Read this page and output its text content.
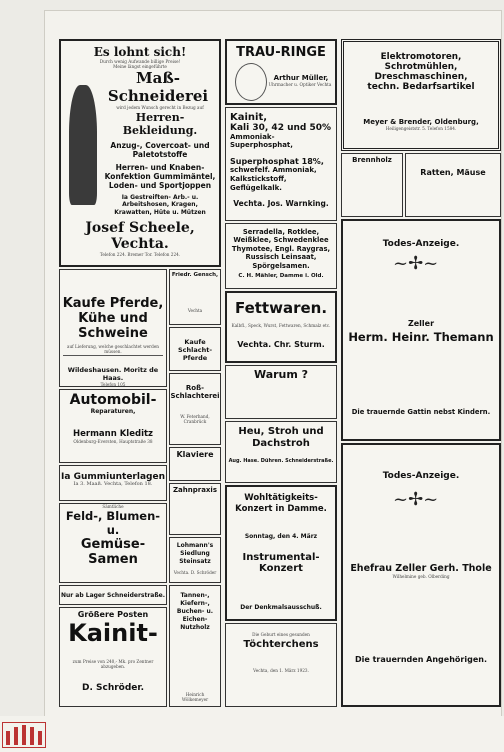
Es lohnt sich!
Durch wenig Aufwande billige Preise!
Meine längst eingeführte
Maß-Schneiderei
wird jedem Wunsch gerecht in Bezug auf
Herren-Bekleidung.
Anzug-, Covercoat- und Paletotstoffe
Herren- und Knaben-Konfektion Gummimäntel, Loden- und Sportjoppen
Ia Gestreiften- Arb.- u. Arbeitshosen, Kragen, Krawatten, Hüte u. Mützen
Josef Scheele, Vechta.
Telefon 224. Bremer Tor. Telefon 224.
Kaufe Pferde, Kühe und Schweine
auf Lieferung, welche geschlachtet werden müssen.
Wildeshausen. Moritz de Haas.
Telefon 105
Automobil-
Reparaturen,
Hermann Kleditz
Oldenburg-Eversten, Hauptstraße 38
Ia Gummiunterlagen
Ia 3. Maaß. Vechta, Telefon 18.
Sämtliche
Feld-, Blumen- u.
Gemüse-Samen
Nur ab Lager Schneiderstraße.
Größere Posten
Kainit-
zum Preise von 240,- Mk. pro Zentner abzugeben.
D. Schröder.
Friedr. Gensch,
Vechta
Kaufe Schlacht-Pferde
Roß-Schlachterei
W. Feterhand, Cranbrück
Klaviere
Zahnpraxis
Lohmann's Siedlung Steinsatz
Vechta. D. Schröder
Tannen-, Kiefern-, Buchen- u. Eichen-Nutzholz
Heinrich Wölkemeyer
TRAU-RINGE
Arthur Müller,
Uhrmacher u. Optiker Vechta
Kainit,
Kali 30, 42 und 50%
Ammoniak-Superphosphat,
Superphosphat 18%,
schwefelf. Ammoniak, Kalkstickstoff, Geflügelkalk.
Vechta. Jos. Warnking.
Serradella, Rotklee, Weißklee, Schwedenklee Thymotee, Engl. Raygras, Russisch Leinsaat, Spörgelsamen.
C. H. Mähler, Damme i. Old.
Fettwaren.
Kalbfl., Speck, Wurst, Fettwaren, Schmalz etc.
Vechta. Chr. Sturm.
Warum ?
Heu, Stroh und Dachstroh
Aug. Hase. Dühren. Schneiderstraße.
Wohltätigkeits-Konzert in Damme.
Sonntag, den 4. März
Instrumental-Konzert
Der Denkmalsausschuß.
Die Geburt eines gesunden
Töchterchens
Vechta, den 1. März 1923.
Elektromotoren, Schrotmühlen,
Dreschmaschinen,
techn. Bedarfsartikel
Meyer & Brender, Oldenburg,
Heiligengeiststr. 5. Telefon 1584.
Brennholz
Ratten, Mäuse
Todes-Anzeige.
~✢~
Zeller
Herm. Heinr. Themann
Die trauernde Gattin nebst Kindern.
Todes-Anzeige.
~✢~
Ehefrau Zeller Gerh. Thole
Wilhelmine geb. Olberding
Die trauernden Angehörigen.
